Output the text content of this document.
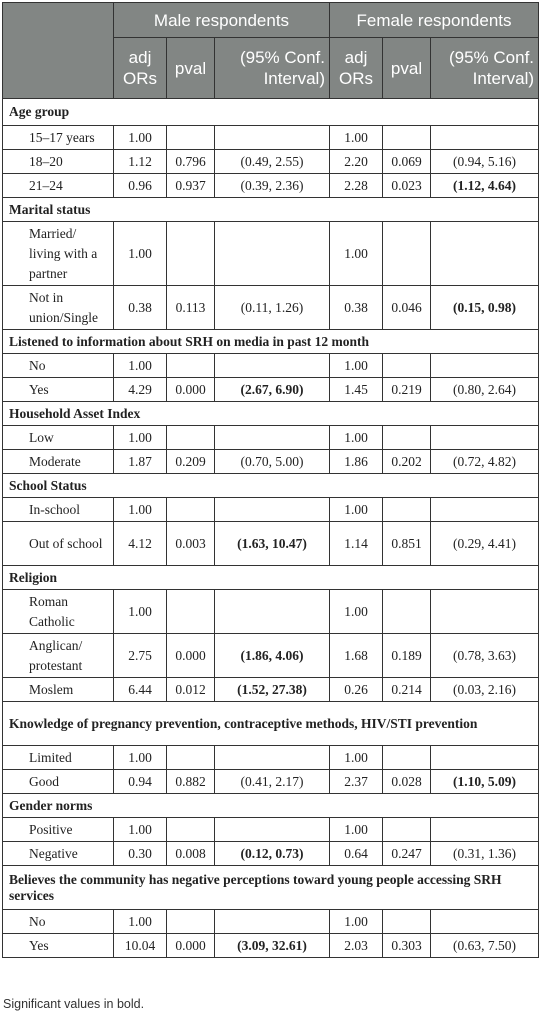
	Male respondents			Female respondents		
	adj ORs	pval	(95% Conf. Interval)	adj ORs	pval	(95% Conf. Interval)
Age group						
15–17 years	1.00			1.00		
18–20	1.12	0.796	(0.49, 2.55)	2.20	0.069	(0.94, 5.16)
21–24	0.96	0.937	(0.39, 2.36)	2.28	0.023	(1.12, 4.64)
Marital status						
Married/ living with a partner	1.00			1.00		
Not in union/Single	0.38	0.113	(0.11, 1.26)	0.38	0.046	(0.15, 0.98)
Listened to information about SRH on media in past 12 month						
No	1.00			1.00		
Yes	4.29	0.000	(2.67, 6.90)	1.45	0.219	(0.80, 2.64)
Household Asset Index						
Low	1.00			1.00		
Moderate	1.87	0.209	(0.70, 5.00)	1.86	0.202	(0.72, 4.82)
School Status						
In-school	1.00			1.00		
Out of school	4.12	0.003	(1.63, 10.47)	1.14	0.851	(0.29, 4.41)
Religion						
Roman Catholic	1.00			1.00		
Anglican/ protestant	2.75	0.000	(1.86, 4.06)	1.68	0.189	(0.78, 3.63)
Moslem	6.44	0.012	(1.52, 27.38)	0.26	0.214	(0.03, 2.16)
Knowledge of pregnancy prevention, contraceptive methods, HIV/STI prevention						
Limited	1.00			1.00		
Good	0.94	0.882	(0.41, 2.17)	2.37	0.028	(1.10, 5.09)
Gender norms						
Positive	1.00			1.00		
Negative	0.30	0.008	(0.12, 0.73)	0.64	0.247	(0.31, 1.36)
Believes the community has negative perceptions toward young people accessing SRH services						
No	1.00			1.00		
Yes	10.04	0.000	(3.09, 32.61)	2.03	0.303	(0.63, 7.50)
Significant values in bold.
